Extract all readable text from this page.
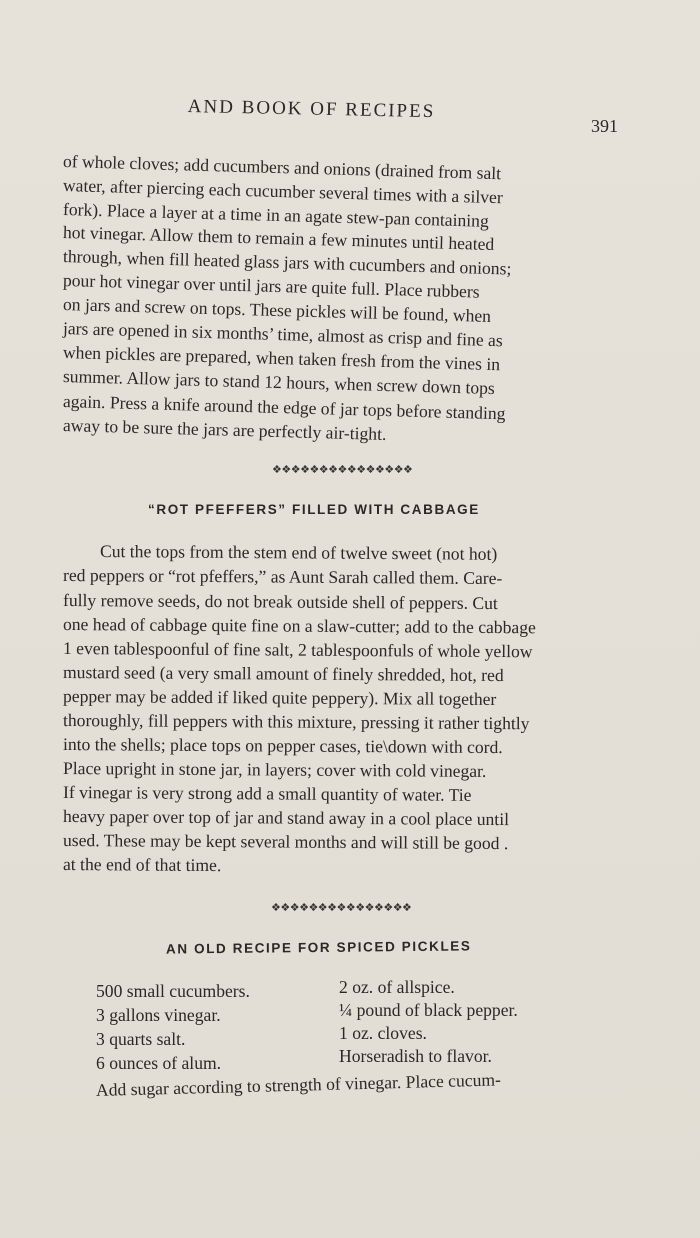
AND BOOK OF RECIPES
391
of whole cloves; add cucumbers and onions (drained from salt
water, after piercing each cucumber several times with a silver
fork). Place a layer at a time in an agate stew-pan containing
hot vinegar. Allow them to remain a few minutes until heated
through, when fill heated glass jars with cucumbers and onions;
pour hot vinegar over until jars are quite full. Place rubbers
on jars and screw on tops. These pickles will be found, when
jars are opened in six months’ time, almost as crisp and fine as
when pickles are prepared, when taken fresh from the vines in
summer. Allow jars to stand 12 hours, when screw down tops
again. Press a knife around the edge of jar tops before standing
away to be sure the jars are perfectly air-tight.
❖❖❖❖❖❖❖❖❖❖❖❖❖❖❖
“ROT PFEFFERS” FILLED WITH CABBAGE
Cut the tops from the stem end of twelve sweet (not hot)
red peppers or “rot pfeffers,” as Aunt Sarah called them. Care-
fully remove seeds, do not break outside shell of peppers. Cut
one head of cabbage quite fine on a slaw-cutter; add to the cabbage
1 even tablespoonful of fine salt, 2 tablespoonfuls of whole yellow
mustard seed (a very small amount of finely shredded, hot, red
pepper may be added if liked quite peppery). Mix all together
thoroughly, fill peppers with this mixture, pressing it rather tightly
into the shells; place tops on pepper cases, tie\down with cord.
Place upright in stone jar, in layers; cover with cold vinegar.
If vinegar is very strong add a small quantity of water. Tie
heavy paper over top of jar and stand away in a cool place until
used. These may be kept several months and will still be good .
at the end of that time.
❖❖❖❖❖❖❖❖❖❖❖❖❖❖❖
AN OLD RECIPE FOR SPICED PICKLES
500 small cucumbers.
3 gallons vinegar.
3 quarts salt.
6 ounces of alum.
2 oz. of allspice.
¼ pound of black pepper.
1 oz. cloves.
Horseradish to flavor.
Add sugar according to strength of vinegar. Place cucum-
